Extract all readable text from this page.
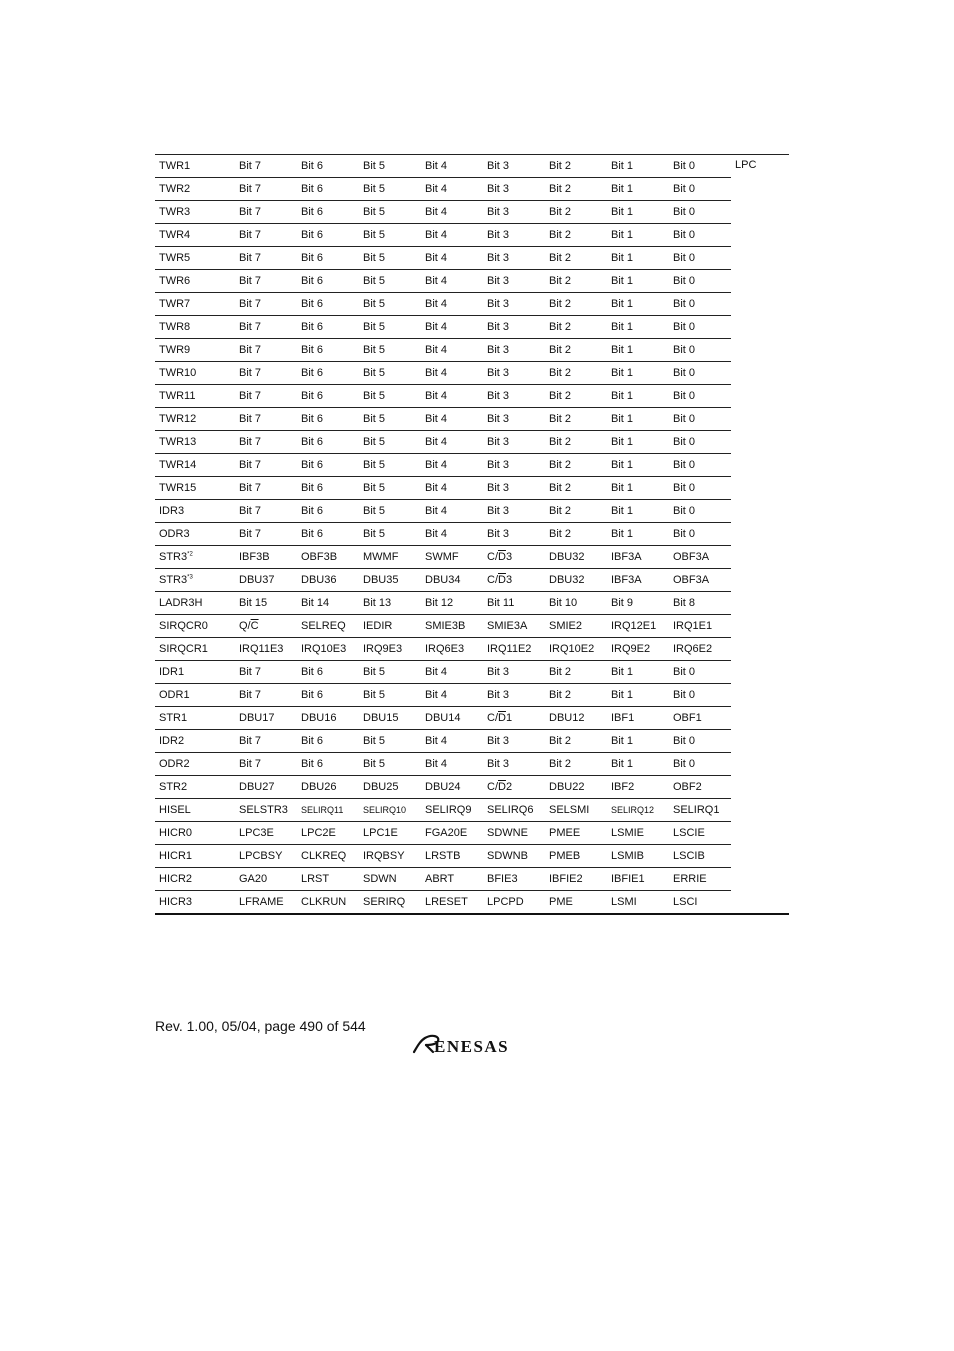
TWR1	Bit 7	Bit 6	Bit 5	Bit 4	Bit 3	Bit 2	Bit 1	Bit 0	LPC
TWR2	Bit 7	Bit 6	Bit 5	Bit 4	Bit 3	Bit 2	Bit 1	Bit 0	
TWR3	Bit 7	Bit 6	Bit 5	Bit 4	Bit 3	Bit 2	Bit 1	Bit 0	
TWR4	Bit 7	Bit 6	Bit 5	Bit 4	Bit 3	Bit 2	Bit 1	Bit 0	
TWR5	Bit 7	Bit 6	Bit 5	Bit 4	Bit 3	Bit 2	Bit 1	Bit 0	
TWR6	Bit 7	Bit 6	Bit 5	Bit 4	Bit 3	Bit 2	Bit 1	Bit 0	
TWR7	Bit 7	Bit 6	Bit 5	Bit 4	Bit 3	Bit 2	Bit 1	Bit 0	
TWR8	Bit 7	Bit 6	Bit 5	Bit 4	Bit 3	Bit 2	Bit 1	Bit 0	
TWR9	Bit 7	Bit 6	Bit 5	Bit 4	Bit 3	Bit 2	Bit 1	Bit 0	
TWR10	Bit 7	Bit 6	Bit 5	Bit 4	Bit 3	Bit 2	Bit 1	Bit 0	
TWR11	Bit 7	Bit 6	Bit 5	Bit 4	Bit 3	Bit 2	Bit 1	Bit 0	
TWR12	Bit 7	Bit 6	Bit 5	Bit 4	Bit 3	Bit 2	Bit 1	Bit 0	
TWR13	Bit 7	Bit 6	Bit 5	Bit 4	Bit 3	Bit 2	Bit 1	Bit 0	
TWR14	Bit 7	Bit 6	Bit 5	Bit 4	Bit 3	Bit 2	Bit 1	Bit 0	
TWR15	Bit 7	Bit 6	Bit 5	Bit 4	Bit 3	Bit 2	Bit 1	Bit 0	
IDR3	Bit 7	Bit 6	Bit 5	Bit 4	Bit 3	Bit 2	Bit 1	Bit 0	
ODR3	Bit 7	Bit 6	Bit 5	Bit 4	Bit 3	Bit 2	Bit 1	Bit 0	
STR3$^{*2}$	IBF3B	OBF3B	MWMF	SWMF	$C/\overline{D}3$	DBU32	IBF3A	OBF3A	
STR3$^{*3}$	DBU37	DBU36	DBU35	DBU34	$C/\overline{D}3$	DBU32	IBF3A	OBF3A	
LADR3H	Bit 15	Bit 14	Bit 13	Bit 12	Bit 11	Bit 10	Bit 9	Bit 8	
SIRQCR0	$Q/\overline{C}$	SELREQ	IEDIR	SMIE3B	SMIE3A	SMIE2	IRQ12E1	IRQ1E1	
SIRQCR1	IRQ11E3	IRQ10E3	IRQ9E3	IRQ6E3	IRQ11E2	IRQ10E2	IRQ9E2	IRQ6E2	
IDR1	Bit 7	Bit 6	Bit 5	Bit 4	Bit 3	Bit 2	Bit 1	Bit 0	
ODR1	Bit 7	Bit 6	Bit 5	Bit 4	Bit 3	Bit 2	Bit 1	Bit 0	
STR1	DBU17	DBU16	DBU15	DBU14	$C/\overline{D}1$	DBU12	IBF1	OBF1	
IDR2	Bit 7	Bit 6	Bit 5	Bit 4	Bit 3	Bit 2	Bit 1	Bit 0	
ODR2	Bit 7	Bit 6	Bit 5	Bit 4	Bit 3	Bit 2	Bit 1	Bit 0	
STR2	DBU27	DBU26	DBU25	DBU24	$C/\overline{D}2$	DBU22	IBF2	OBF2	
HISEL	SELSTR3	SELIRQ11	SELIRQ10	SELIRQ9	SELIRQ6	SELSMI	SELIRQ12	SELIRQ1	
HICR0	LPC3E	LPC2E	LPC1E	FGA20E	SDWNE	PMEE	LSMIE	LSCIE	
HICR1	LPCBSY	CLKREQ	IRQBSY	LRSTB	SDWNB	PMEB	LSMIB	LSCIB	
HICR2	GA20	LRST	SDWN	ABRT	BFIE3	IBFIE2	IBFIE1	ERRIE	
HICR3	LFRAME	CLKRUN	SERIRQ	LRESET	LPCPD	PME	LSMI	LSCI	
Rev. 1.00, 05/04, page 490 of 544
ENESAS
